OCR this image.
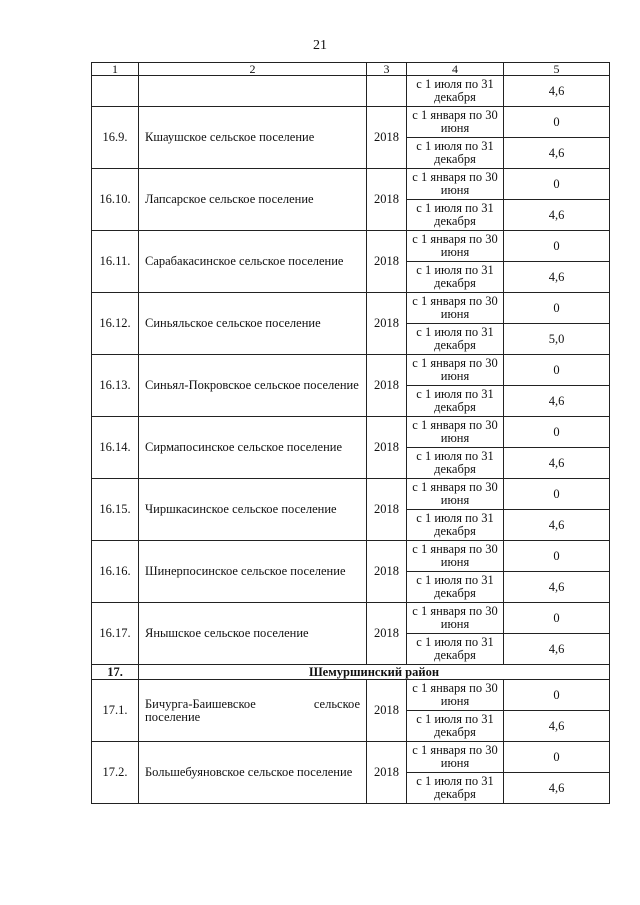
21
1	2	3	4	5
			с 1 июля по 31 декабря	4,6
16.9.	Кшаушское сельское поселение	2018	с 1 января по 30 июня	0
			с 1 июля по 31 декабря	4,6
16.10.	Лапсарское сельское поселение	2018	с 1 января по 30 июня	0
			с 1 июля по 31 декабря	4,6
16.11.	Сарабакасинское сельское поселение	2018	с 1 января по 30 июня	0
			с 1 июля по 31 декабря	4,6
16.12.	Синьяльское сельское поселение	2018	с 1 января по 30 июня	0
			с 1 июля по 31 декабря	5,0
16.13.	Синьял-Покровское сельское поселение	2018	с 1 января по 30 июня	0
			с 1 июля по 31 декабря	4,6
16.14.	Сирмапосинское сельское поселение	2018	с 1 января по 30 июня	0
			с 1 июля по 31 декабря	4,6
16.15.	Чиршкасинское сельское поселение	2018	с 1 января по 30 июня	0
			с 1 июля по 31 декабря	4,6
16.16.	Шинерпосинское сельское поселение	2018	с 1 января по 30 июня	0
			с 1 июля по 31 декабря	4,6
16.17.	Янышское сельское поселение	2018	с 1 января по 30 июня	0
			с 1 июля по 31 декабря	4,6
17.	Шемуршинский район			
17.1.	Бичурга-Баишевское сельское поселение	2018	с 1 января по 30 июня	0
			с 1 июля по 31 декабря	4,6
17.2.	Большебуяновское сельское поселение	2018	с 1 января по 30 июня	0
			с 1 июля по 31 декабря	4,6
